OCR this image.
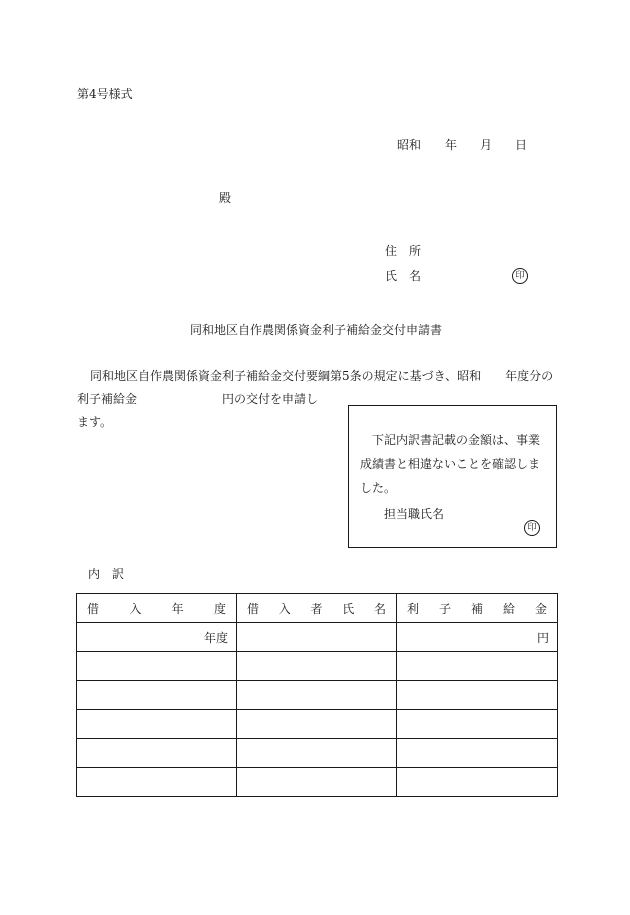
第4号様式
昭和 年 月 日
殿
住　所
氏　名	印
同和地区自作農関係資金利子補給金交付申請書
同和地区自作農関係資金利子補給金交付要綱第5条の規定に基づき、昭和　　年度分の
利子補給金	円の交付を申請し
ます。
下記内訳書記載の金額は、事業
成績書と相違ないことを確認しま
した。
担当職氏名
印
内　訳
借 入 年 度	借 入 者 氏 名	利 子 補 給 金

年度		円
